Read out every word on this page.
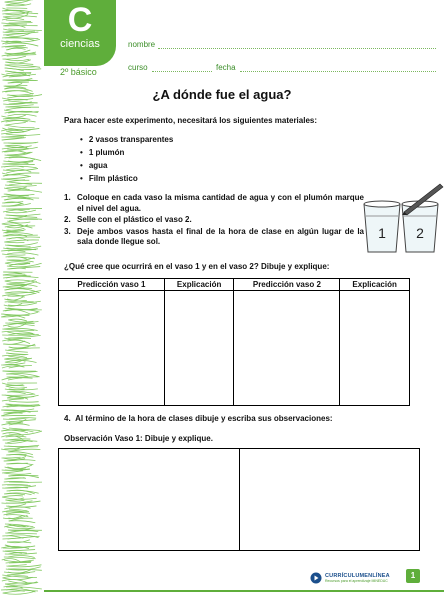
C
ciencias
2º básico
nombre
curso	fecha
¿A dónde fue el agua?
Para hacer este experimento, necesitará los siguientes materiales:
• 2 vasos transparentes
• 1 plumón
• agua
• Film plástico
1. Coloque en cada vaso la misma cantidad de agua y con el plumón marque el nivel del agua.
2. Selle con el plástico el vaso 2.
3. Deje ambos vasos hasta el final de la hora de clase en algún lugar de la sala donde llegue sol.
1 2
¿Qué cree que ocurrirá en el vaso 1 y en el vaso 2? Dibuje y explique:
Predicción vaso 1	Explicación	Predicción vaso 2	Explicación

4. Al término de la hora de clases dibuje y escriba sus observaciones:
Observación Vaso 1: Dibuje y explique.
CURRÍCULUMENLÍNEA
Recursos para el aprendizaje MINEDUC
1
